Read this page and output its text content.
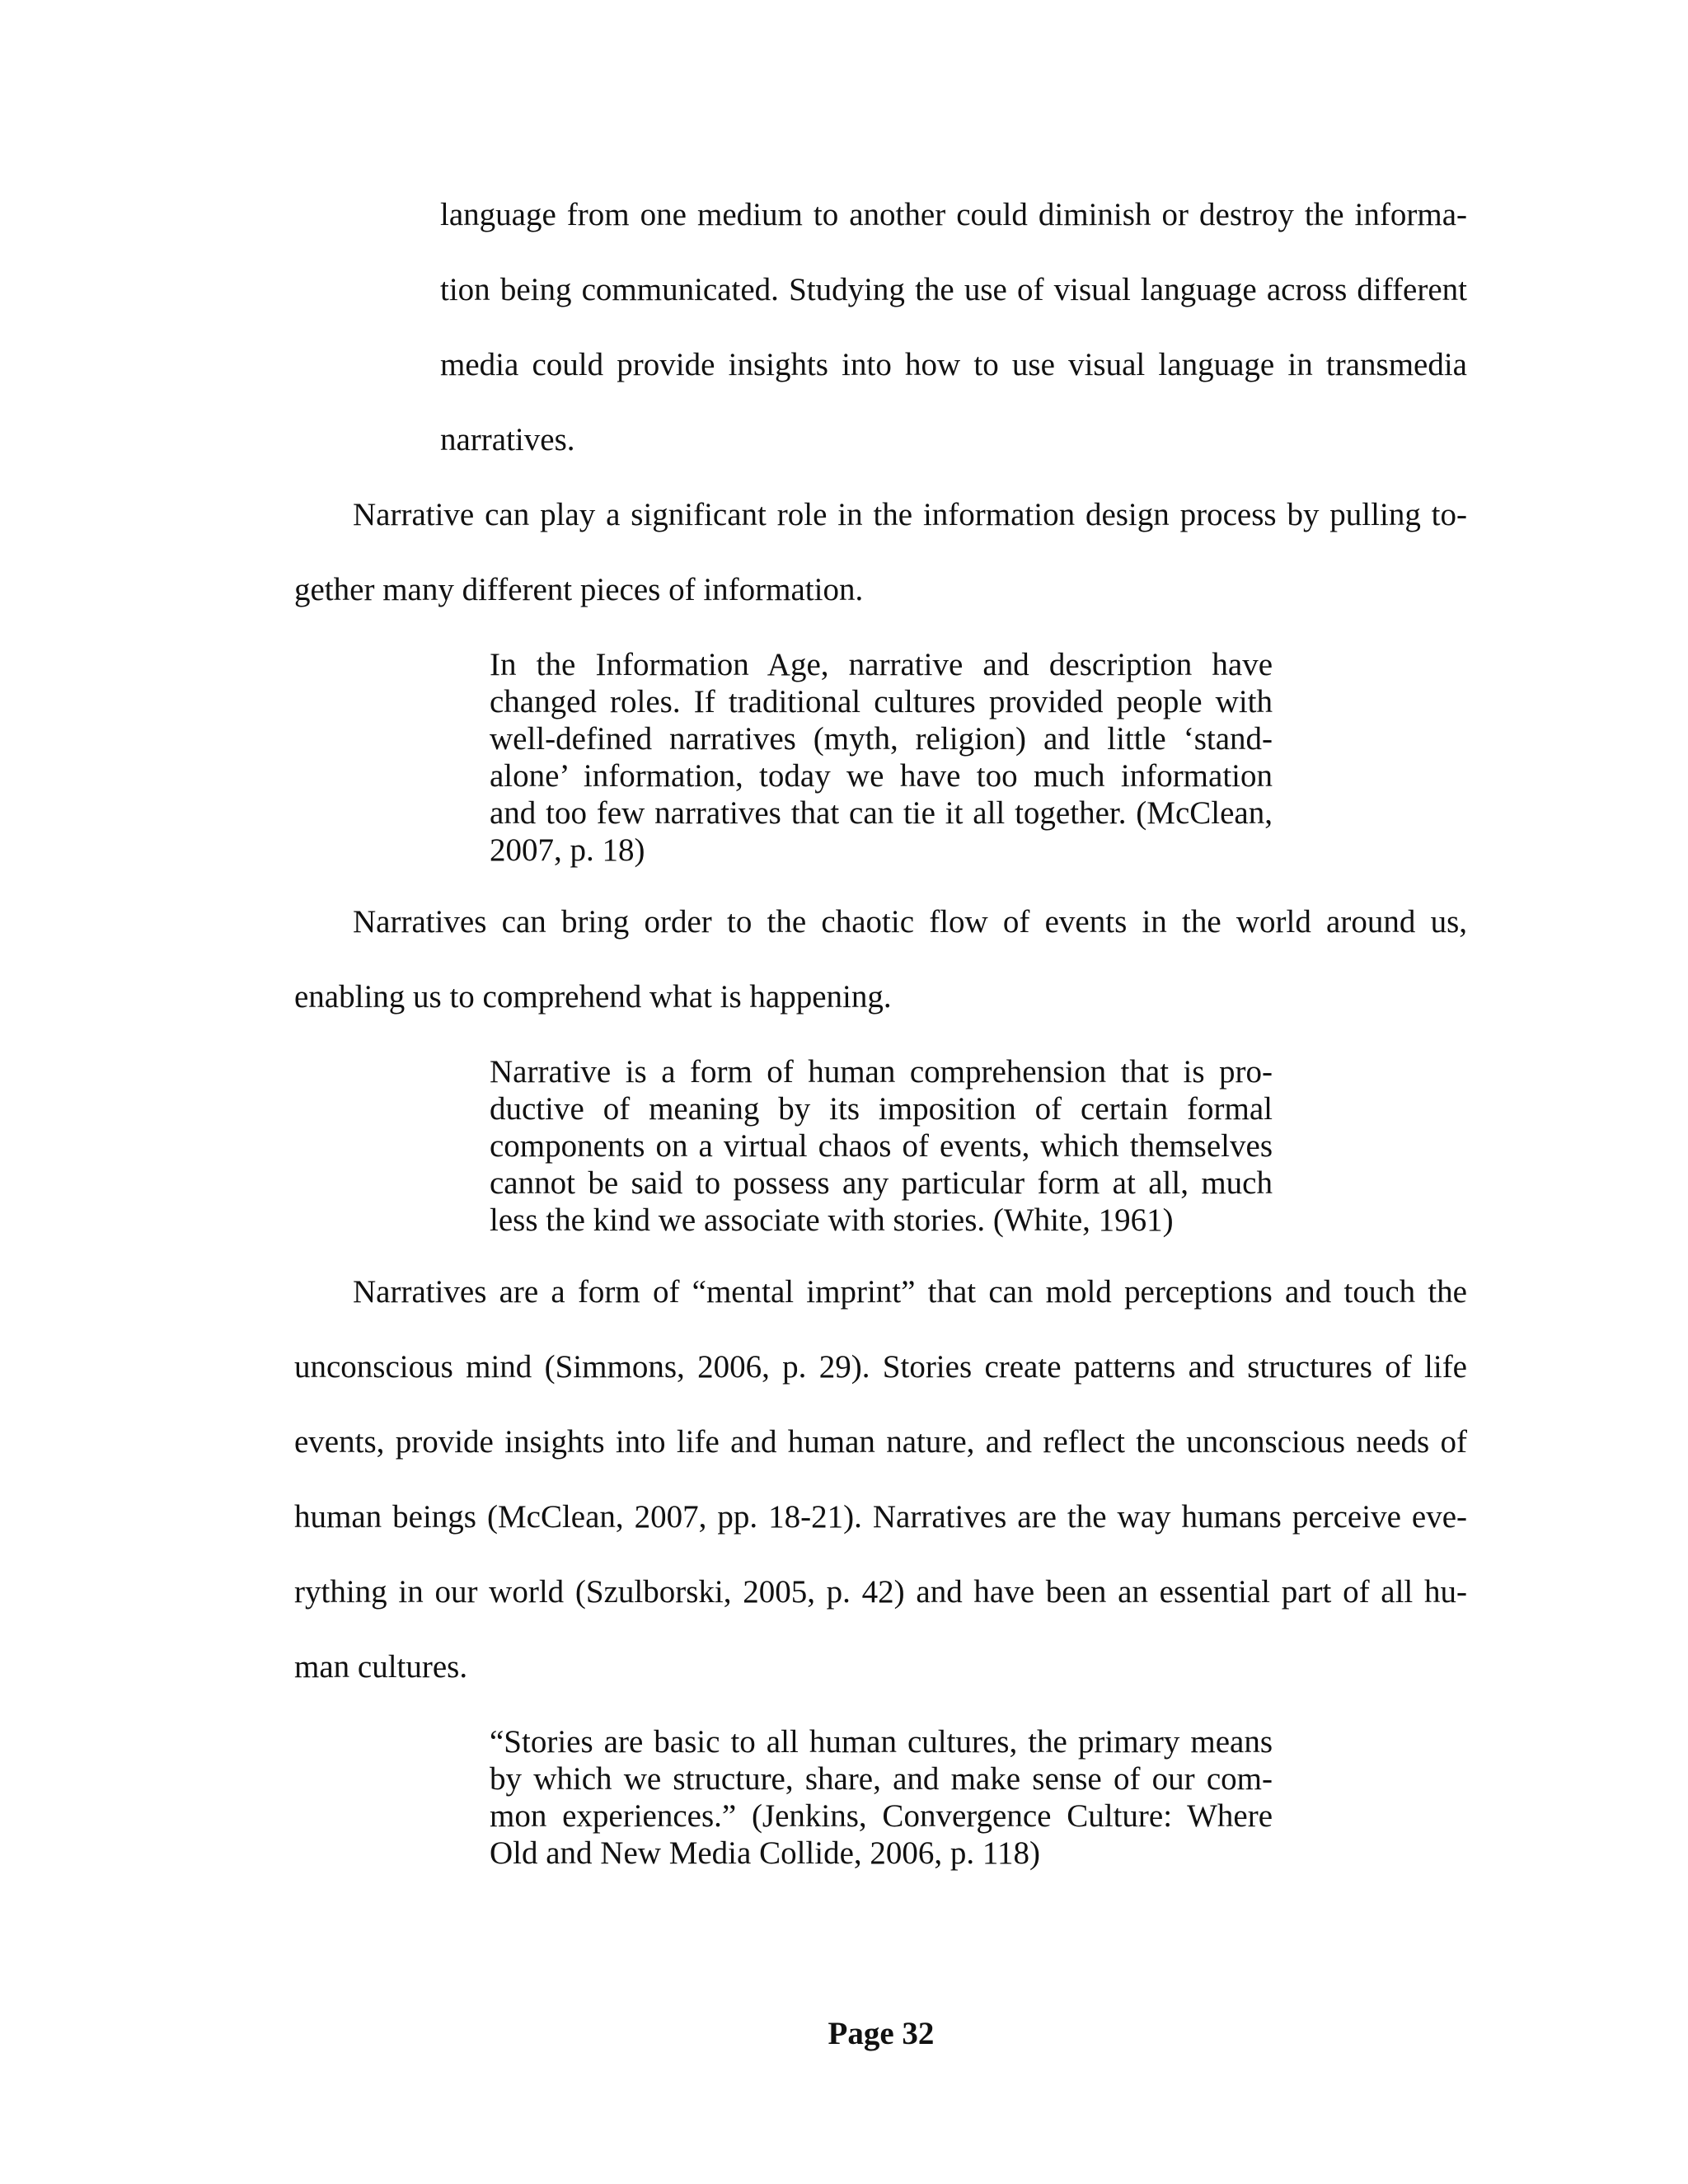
language from one medium to another could diminish or destroy the informa-

tion being communicated. Studying the use of visual language across different

media could provide insights into how to use visual language in transmedia

narratives.

Narrative can play a significant role in the information design process by pulling to-

gether many different pieces of information.

In the Information Age, narrative and description have
changed roles. If traditional cultures provided people with
well-defined narratives (myth, religion) and little ‘stand-
alone’ information, today we have too much information
and too few narratives that can tie it all together. (McClean,
2007, p. 18)

Narratives can bring order to the chaotic flow of events in the world around us,

enabling us to comprehend what is happening.

Narrative is a form of human comprehension that is pro-
ductive of meaning by its imposition of certain formal
components on a virtual chaos of events, which themselves
cannot be said to possess any particular form at all, much
less the kind we associate with stories. (White, 1961)

Narratives are a form of “mental imprint” that can mold perceptions and touch the

unconscious mind (Simmons, 2006, p. 29). Stories create patterns and structures of life

events, provide insights into life and human nature, and reflect the unconscious needs of

human beings (McClean, 2007, pp. 18-21). Narratives are the way humans perceive eve-

rything in our world (Szulborski, 2005, p. 42) and have been an essential part of all hu-

man cultures.

“Stories are basic to all human cultures, the primary means
by which we structure, share, and make sense of our com-
mon experiences.” (Jenkins, Convergence Culture: Where
Old and New Media Collide, 2006, p. 118)
Page 32
